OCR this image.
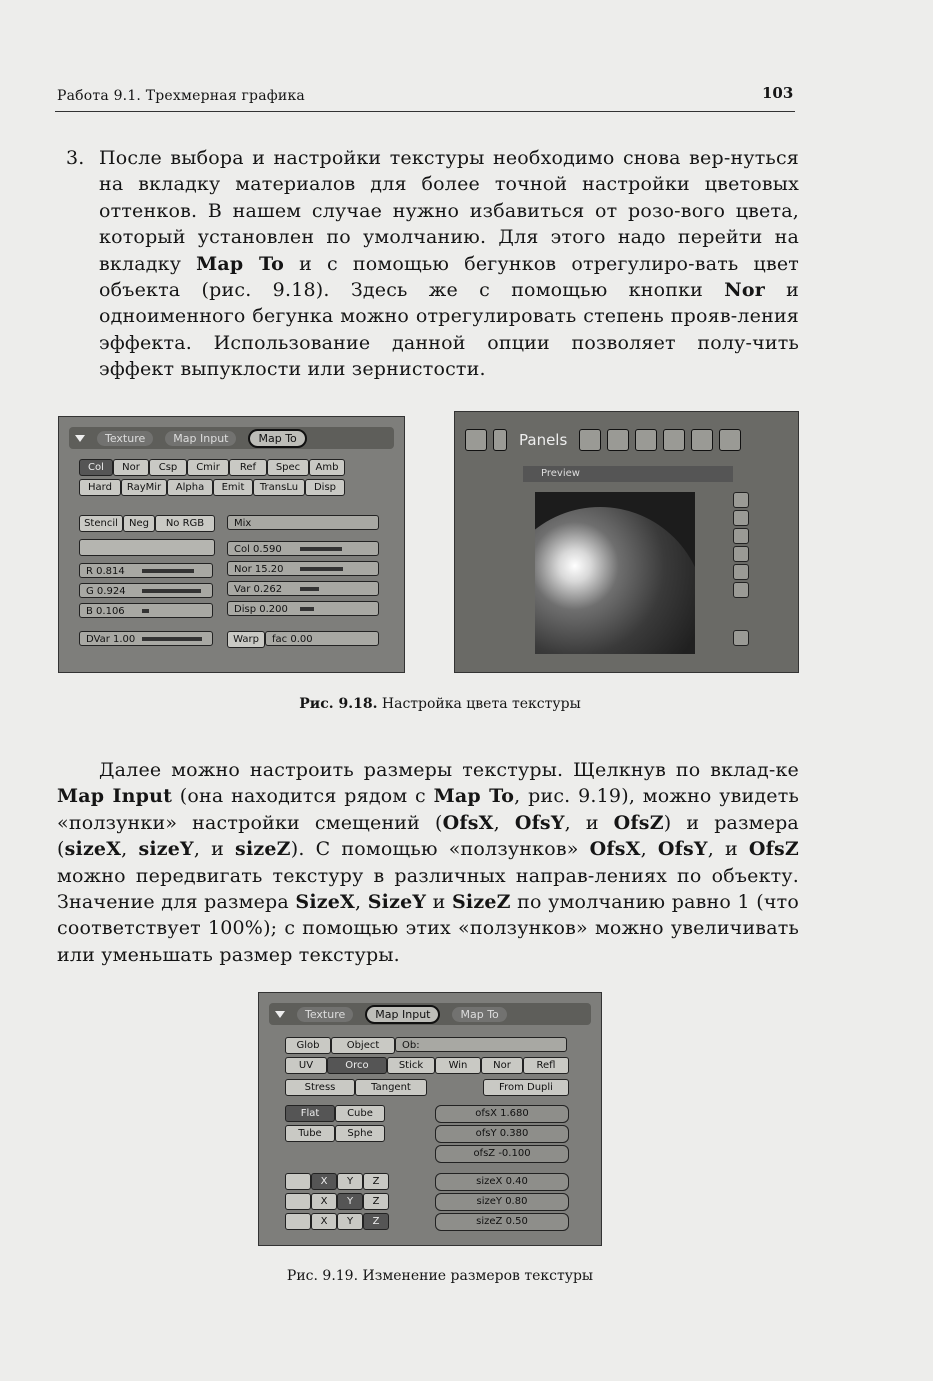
Работа 9.1. Трехмерная графика	103
3. После выбора и настройки текстуры необходимо снова вер-нуться на вкладку материалов для более точной настройки цветовых оттенков. В нашем случае нужно избавиться от розо-вого цвета, который установлен по умолчанию. Для этого надо перейти на вкладку Map To и с помощью бегунков отрегулиро-вать цвет объекта (рис. 9.18). Здесь же с помощью кнопки Nor и одноименного бегунка можно отрегулировать степень прояв-ления эффекта. Использование данной опции позволяет полу-чить эффект выпуклости или зернистости.
Texture	Map Input	Map To
Col	Nor	Csp	Cmir	Ref	Spec	Amb
Hard	RayMir	Alpha	Emit	TransLu	Disp
Stencil	Neg	No RGB	Mix
R 0.814
G 0.924
B 0.106
DVar 1.00
Col 0.590
Nor 15.20
Var 0.262
Disp 0.200
Warp	fac 0.00
Panels
Preview
Рис. 9.18. Настройка цвета текстуры
Далее можно настроить размеры текстуры. Щелкнув по вклад-ке Map Input (она находится рядом с Map To, рис. 9.19), можно увидеть «ползунки» настройки смещений (OfsX, OfsY, и OfsZ) и размера (sizeX, sizeY, и sizeZ). С помощью «ползунков» OfsX, OfsY, и OfsZ можно передвигать текстуру в различных направ-лениях по объекту. Значение для размера SizeX, SizeY и SizeZ по умолчанию равно 1 (что соответствует 100%); с помощью этих «ползунков» можно увеличивать или уменьшать размер текстуры.
Texture	Map Input	Map To
Glob	Object	Ob:
UV	Orco	Stick	Win	Nor	Refl
Stress	Tangent	From Dupli
Flat	Cube
Tube	Sphe
ofsX 1.680
ofsY 0.380
ofsZ -0.100
X	Y	Z
X	Y	Z
X	Y	Z
sizeX 0.40
sizeY 0.80
sizeZ 0.50
Рис. 9.19. Изменение размеров текстуры
